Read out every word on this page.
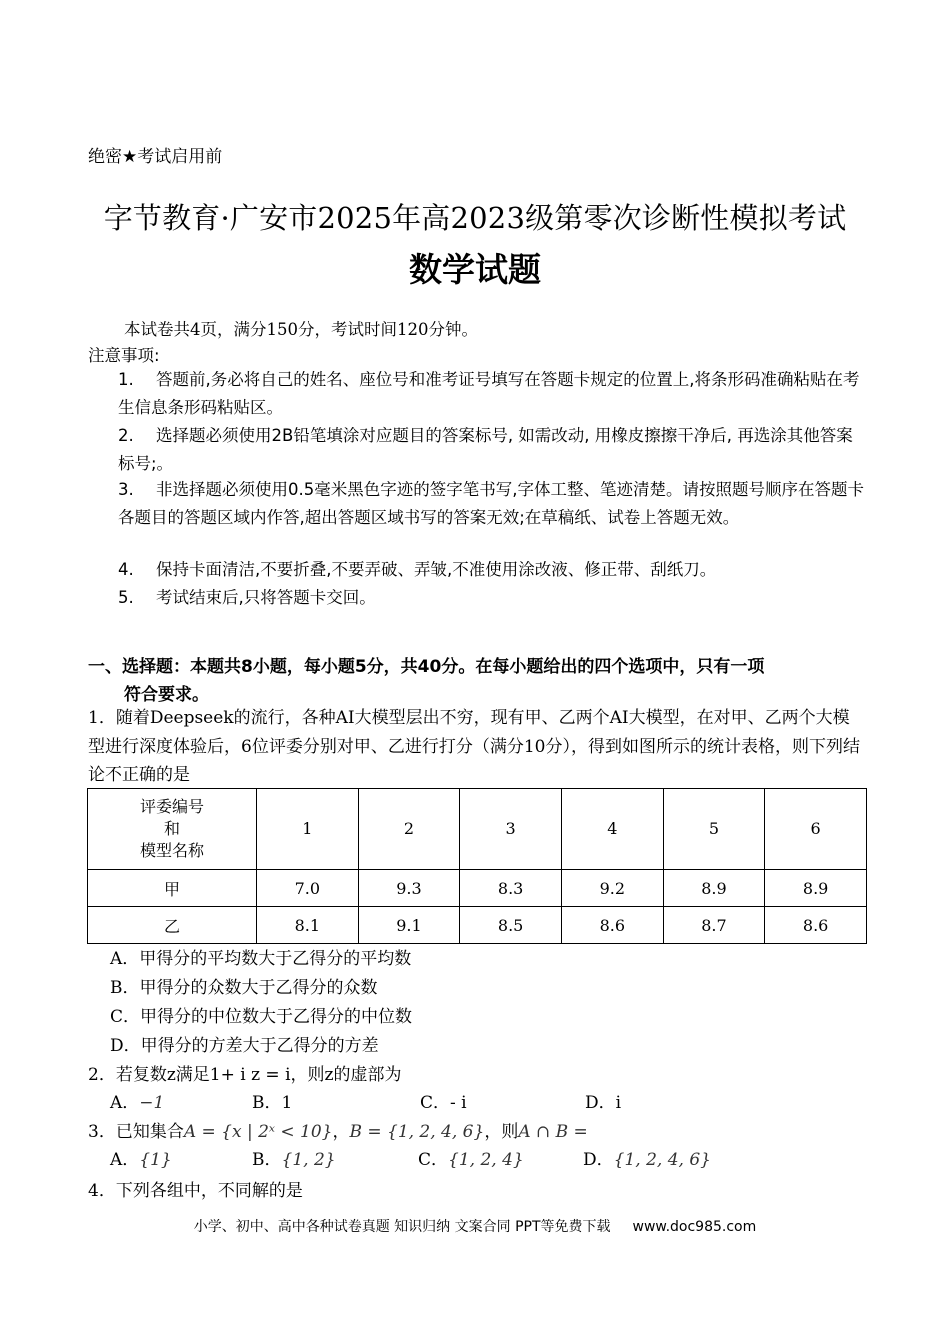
绝密★考试启用前
字节教育·广安市2025年高2023级第零次诊断性模拟考试
数学试题
本试卷共4页，满分150分，考试时间120分钟。
注意事项:
1. 答题前,务必将自己的姓名、座位号和准考证号填写在答题卡规定的位置上,将条形码准确粘贴在考生信息条形码粘贴区。
2. 选择题必须使用2B铅笔填涂对应题目的答案标号, 如需改动, 用橡皮擦擦干净后, 再选涂其他答案标号;。
3. 非选择题必须使用0.5毫米黑色字迹的签字笔书写,字体工整、笔迹清楚。请按照题号顺序在答题卡各题目的答题区域内作答,超出答题区域书写的答案无效;在草稿纸、试卷上答题无效。
4. 保持卡面清洁,不要折叠,不要弄破、弄皱,不准使用涂改液、修正带、刮纸刀。
5. 考试结束后,只将答题卡交回。
一、选择题：本题共8小题，每小题5分，共40分。在每小题给出的四个选项中，只有一项
符合要求。
1．随着Deepseek的流行，各种AI大模型层出不穷，现有甲、乙两个AI大模型，在对甲、乙两个大模型进行深度体验后，6位评委分别对甲、乙进行打分（满分10分），得到如图所示的统计表格，则下列结论不正确的是
评委编号
和
模型名称	1	2	3	4	5	6
甲	7.0	9.3	8.3	9.2	8.9	8.9
乙	8.1	9.1	8.5	8.6	8.7	8.6
A．甲得分的平均数大于乙得分的平均数
B．甲得分的众数大于乙得分的众数
C．甲得分的中位数大于乙得分的中位数
D．甲得分的方差大于乙得分的方差
2．若复数z满足1+ i z = i，则z的虚部为
A．−1	B．1	C．- i	D．i
3．已知集合A = {x | 2ˣ < 10}，B = {1, 2, 4, 6}，则A ∩ B =
A．{1}	B．{1, 2}	C．{1, 2, 4}	D．{1, 2, 4, 6}
4．下列各组中，不同解的是
小学、初中、高中各种试卷真题 知识归纳 文案合同 PPT等免费下载 www.doc985.com
